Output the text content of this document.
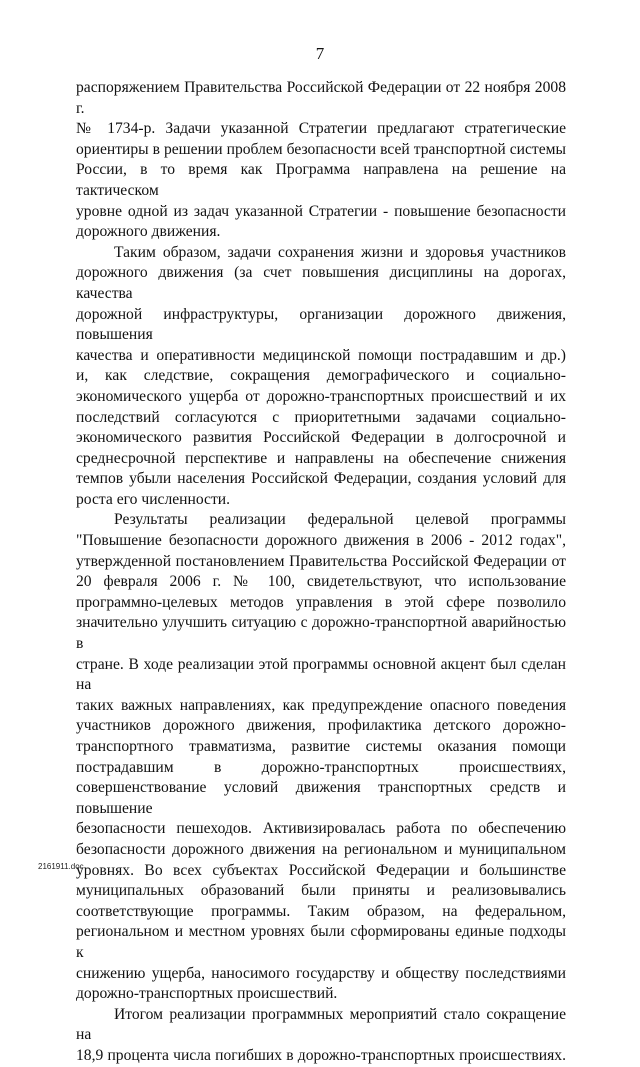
7

распоряжением Правительства Российской Федерации от 22 ноября 2008 г.
№ 1734-р. Задачи указанной Стратегии предлагают стратегические
ориентиры в решении проблем безопасности всей транспортной системы
России, в то время как Программа направлена на решение на тактическом
уровне одной из задач указанной Стратегии - повышение безопасности
дорожного движения.

Таким образом, задачи сохранения жизни и здоровья участников
дорожного движения (за счет повышения дисциплины на дорогах, качества
дорожной инфраструктуры, организации дорожного движения, повышения
качества и оперативности медицинской помощи пострадавшим и др.)
и, как следствие, сокращения демографического и социально-
экономического ущерба от дорожно-транспортных происшествий и их
последствий согласуются с приоритетными задачами социально-
экономического развития Российской Федерации в долгосрочной и
среднесрочной перспективе и направлены на обеспечение снижения
темпов убыли населения Российской Федерации, создания условий для
роста его численности.

Результаты реализации федеральной целевой программы
"Повышение безопасности дорожного движения в 2006 - 2012 годах",
утвержденной постановлением Правительства Российской Федерации от
20 февраля 2006 г. № 100, свидетельствуют, что использование
программно-целевых методов управления в этой сфере позволило
значительно улучшить ситуацию с дорожно-транспортной аварийностью в
стране. В ходе реализации этой программы основной акцент был сделан на
таких важных направлениях, как предупреждение опасного поведения
участников дорожного движения, профилактика детского дорожно-
транспортного травматизма, развитие системы оказания помощи
пострадавшим в дорожно-транспортных происшествиях,
совершенствование условий движения транспортных средств и повышение
безопасности пешеходов. Активизировалась работа по обеспечению
безопасности дорожного движения на региональном и муниципальном
уровнях. Во всех субъектах Российской Федерации и большинстве
муниципальных образований были приняты и реализовывались
соответствующие программы. Таким образом, на федеральном,
региональном и местном уровнях были сформированы единые подходы к
снижению ущерба, наносимого государству и обществу последствиями
дорожно-транспортных происшествий.

Итогом реализации программных мероприятий стало сокращение на
18,9 процента числа погибших в дорожно-транспортных происшествиях.

2161911.doc
